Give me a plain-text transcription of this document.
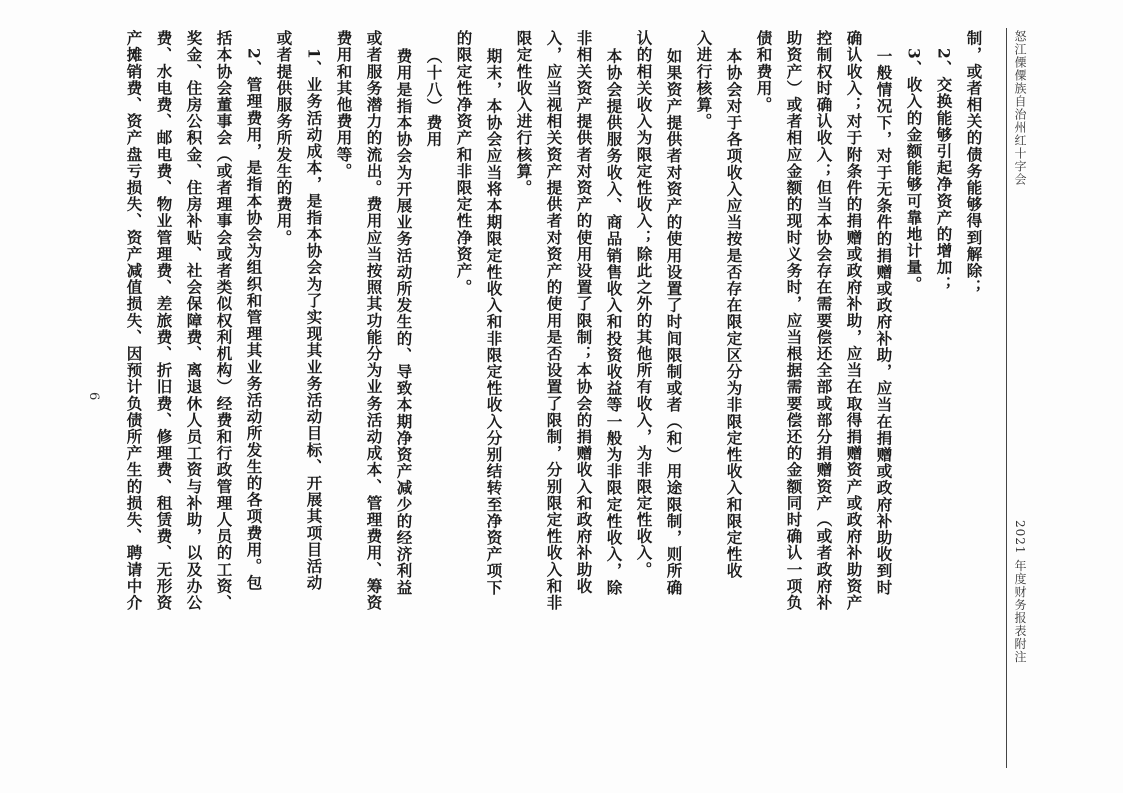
怒江傈僳族自治州红十字会
2021 年度财务报表附注
制，或者相关的债务能够得到解除；
2、交换能够引起净资产的增加；
3、收入的金额能够可靠地计量。
一般情况下，对于无条件的捐赠或政府补助，应当在捐赠或政府补助收到时
确认收入；对于附条件的捐赠或政府补助，应当在取得捐赠资产或政府补助资产
控制权时确认收入；但当本协会存在需要偿还全部或部分捐赠资产（或者政府补
助资产）或者相应金额的现时义务时，应当根据需要偿还的金额同时确认一项负
债和费用。
本协会对于各项收入应当按是否存在限定区分为非限定性收入和限定性收
入进行核算。
如果资产提供者对资产的使用设置了时间限制或者（和）用途限制，则所确
认的相关收入为限定性收入；除此之外的其他所有收入，为非限定性收入。
本协会提供服务收入、商品销售收入和投资收益等一般为非限定性收入，除
非相关资产提供者对资产的使用设置了限制；本协会的捐赠收入和政府补助收
入，应当视相关资产提供者对资产的使用是否设置了限制，分别限定性收入和非
限定性收入进行核算。
期末，本协会应当将本期限定性收入和非限定性收入分别结转至净资产项下
的限定性净资产和非限定性净资产。
（十八）费用
费用是指本协会为开展业务活动所发生的、导致本期净资产减少的经济利益
或者服务潜力的流出。费用应当按照其功能分为业务活动成本、管理费用、筹资
费用和其他费用等。
1、业务活动成本，是指本协会为了实现其业务活动目标、开展其项目活动
或者提供服务所发生的费用。
2、管理费用，是指本协会为组织和管理其业务活动所发生的各项费用。包
括本协会董事会（或者理事会或者类似权利机构）经费和行政管理人员的工资、
奖金、住房公积金、住房补贴、社会保障费、离退休人员工资与补助，以及办公
费、水电费、邮电费、物业管理费、差旅费、折旧费、修理费、租赁费、无形资
产摊销费、资产盘亏损失、资产减值损失、因预计负债所产生的损失、聘请中介
6
